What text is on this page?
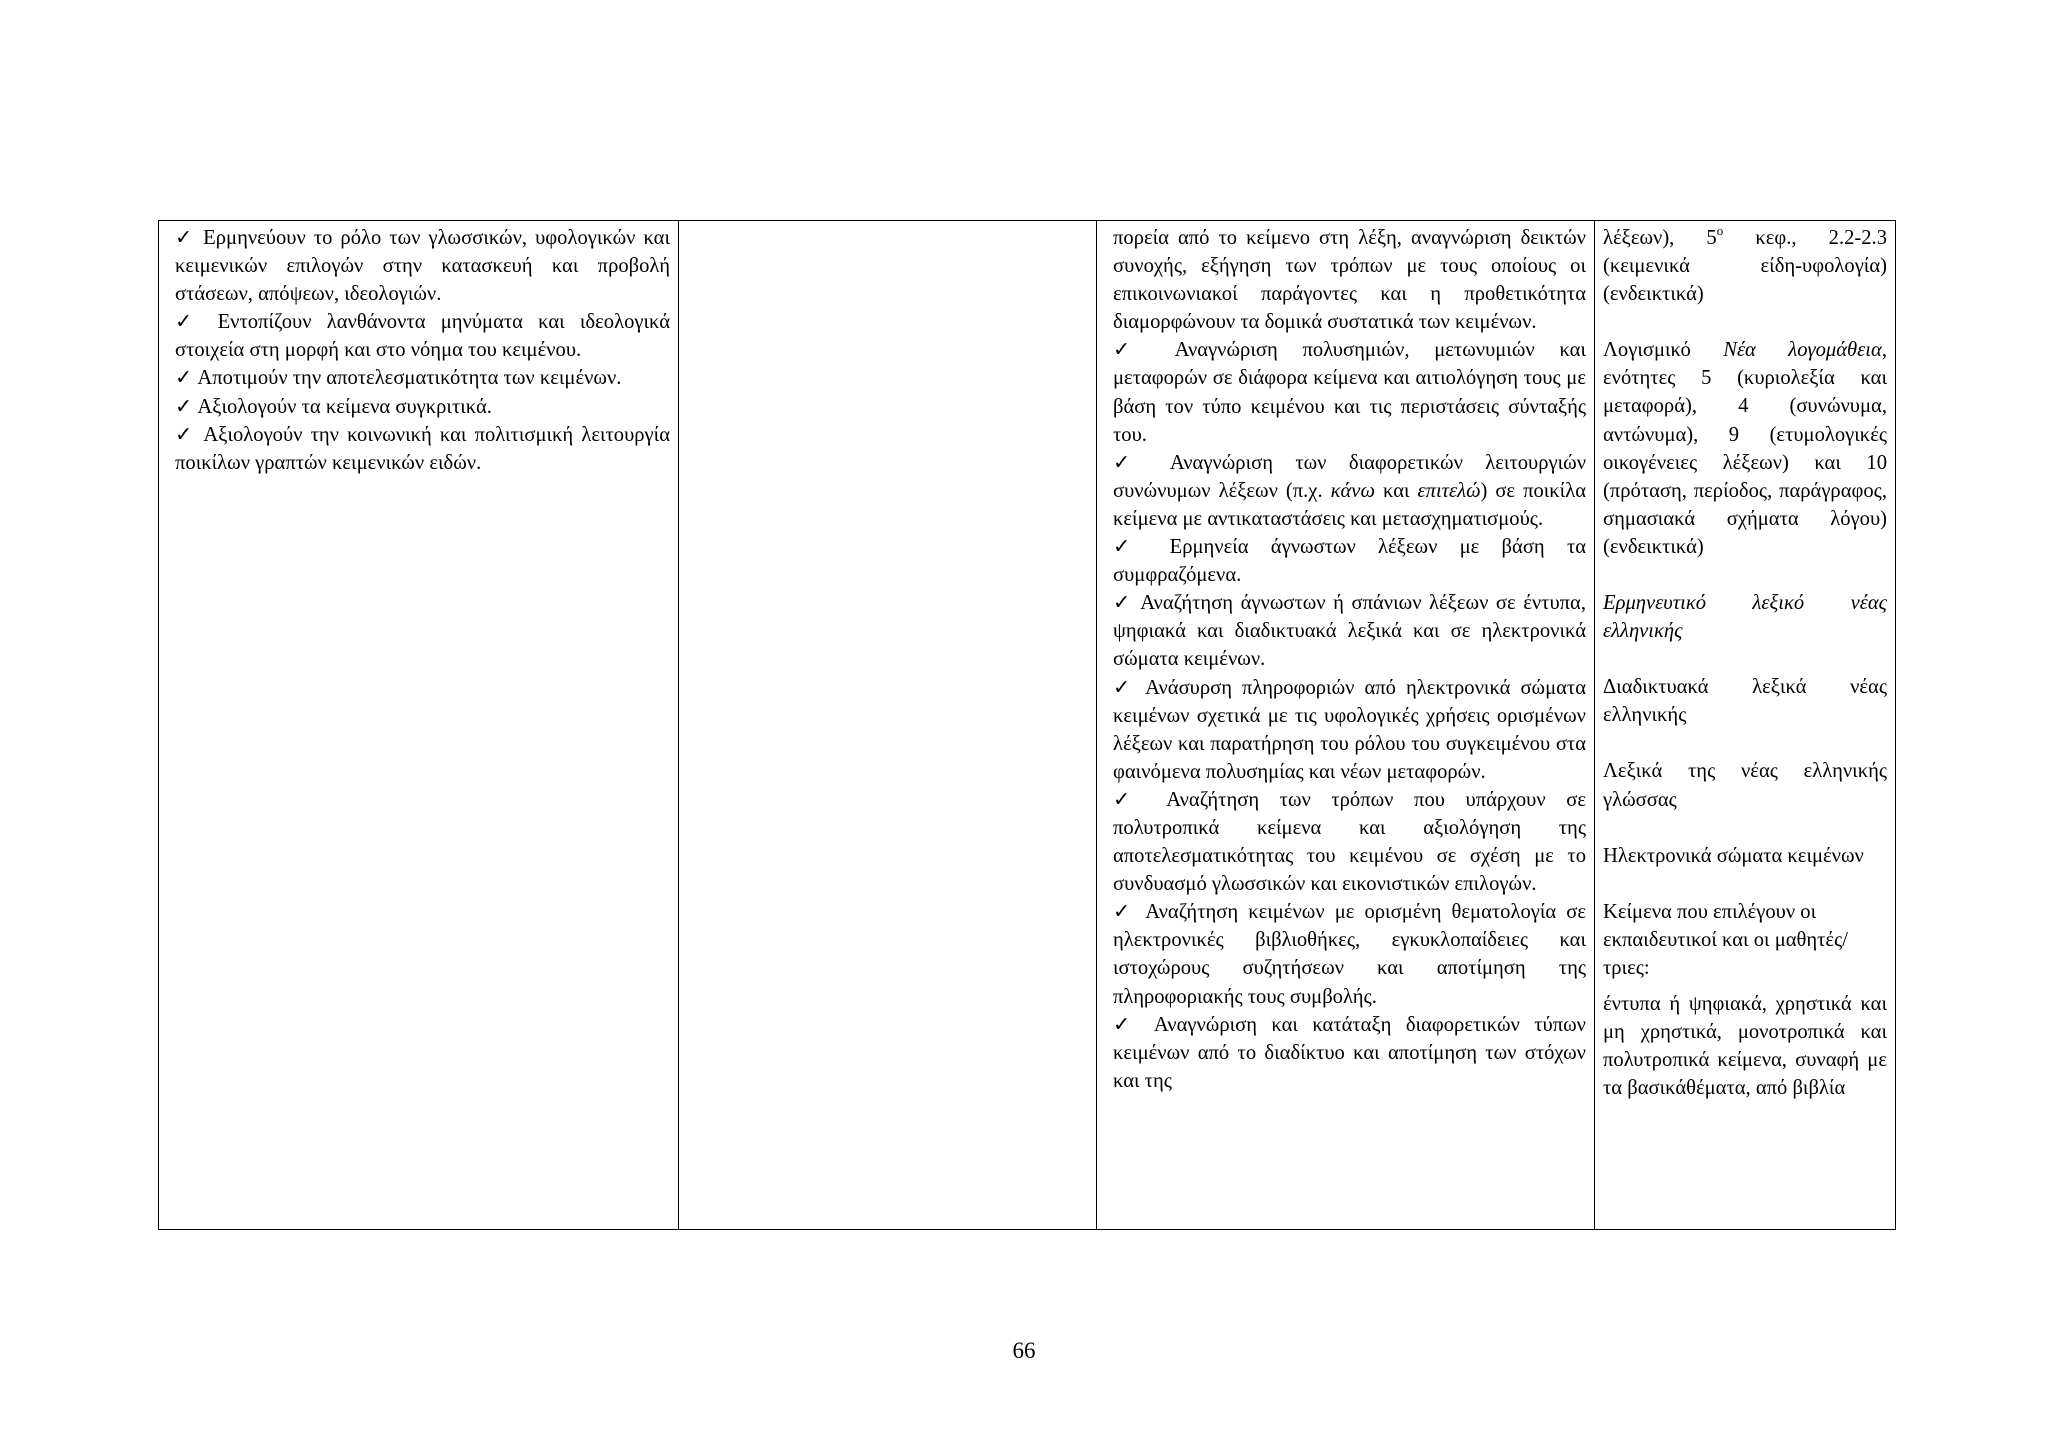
✓ Ερμηνεύουν το ρόλο των γλωσσικών, υφολογικών και κειμενικών επιλογών στην κατασκευή και προβολή στάσεων, απόψεων, ιδεολογιών.

✓ Εντοπίζουν λανθάνοντα μηνύματα και ιδεολογικά στοιχεία στη μορφή και στο νόημα του κειμένου.

✓ Αποτιμούν την αποτελεσματικότητα των κειμένων.

✓ Αξιολογούν τα κείμενα συγκριτικά.

✓ Αξιολογούν την κοινωνική και πολιτισμική λειτουργία ποικίλων γραπτών κειμενικών ειδών.

πορεία από το κείμενο στη λέξη, αναγνώριση δεικτών συνοχής, εξήγηση των τρόπων με τους οποίους οι επικοινωνιακοί παράγοντες και η προθετικότητα διαμορφώνουν τα δομικά συστατικά των κειμένων.

✓ Αναγνώριση πολυσημιών, μετωνυμιών και μεταφορών σε διάφορα κείμενα και αιτιολόγηση τους με βάση τον τύπο κειμένου και τις περιστάσεις σύνταξής του.

✓ Αναγνώριση των διαφορετικών λειτουργιών συνώνυμων λέξεων (π.χ. κάνω και επιτελώ) σε ποικίλα κείμενα με αντικαταστάσεις και μετασχηματισμούς.

✓ Ερμηνεία άγνωστων λέξεων με βάση τα συμφραζόμενα.

✓ Αναζήτηση άγνωστων ή σπάνιων λέξεων σε έντυπα, ψηφιακά και διαδικτυακά λεξικά και σε ηλεκτρονικά σώματα κειμένων.

✓ Ανάσυρση πληροφοριών από ηλεκτρονικά σώματα κειμένων σχετικά με τις υφολογικές χρήσεις ορισμένων λέξεων και παρατήρηση του ρόλου του συγκειμένου στα φαινόμενα πολυσημίας και νέων μεταφορών.

✓ Αναζήτηση των τρόπων που υπάρχουν σε πολυτροπικά κείμενα και αξιολόγηση της αποτελεσματικότητας του κειμένου σε σχέση με το συνδυασμό γλωσσικών και εικονιστικών επιλογών.

✓ Αναζήτηση κειμένων με ορισμένη θεματολογία σε ηλεκτρονικές βιβλιοθήκες, εγκυκλοπαίδειες και ιστοχώρους συζητήσεων και αποτίμηση της πληροφοριακής τους συμβολής.

✓ Αναγνώριση και κατάταξη διαφορετικών τύπων κειμένων από το διαδίκτυο και αποτίμηση των στόχων και της

λέξεων), $5^o$ κεφ., 2.2-2.3 (κειμενικά είδη-υφολογία) (ενδεικτικά)

Λογισμικό Νέα λογομάθεια, ενότητες 5 (κυριολεξία και μεταφορά), 4 (συνώνυμα, αντώνυμα), 9 (ετυμολογικές οικογένειες λέξεων) και 10 (πρόταση, περίοδος, παράγραφος, σημασιακά σχήματα λόγου) (ενδεικτικά)

Ερμηνευτικό λεξικό νέας ελληνικής

Διαδικτυακά λεξικά νέας ελληνικής

Λεξικά της νέας ελληνικής γλώσσας

Ηλεκτρονικά σώματα κειμένων

Κείμενα που επιλέγουν οι εκπαιδευτικοί και οι μαθητές/τριες:

έντυπα ή ψηφιακά, χρηστικά και μη χρηστικά, μονοτροπικά και πολυτροπικά κείμενα, συναφή με τα βασικάθέματα, από βιβλία

66
